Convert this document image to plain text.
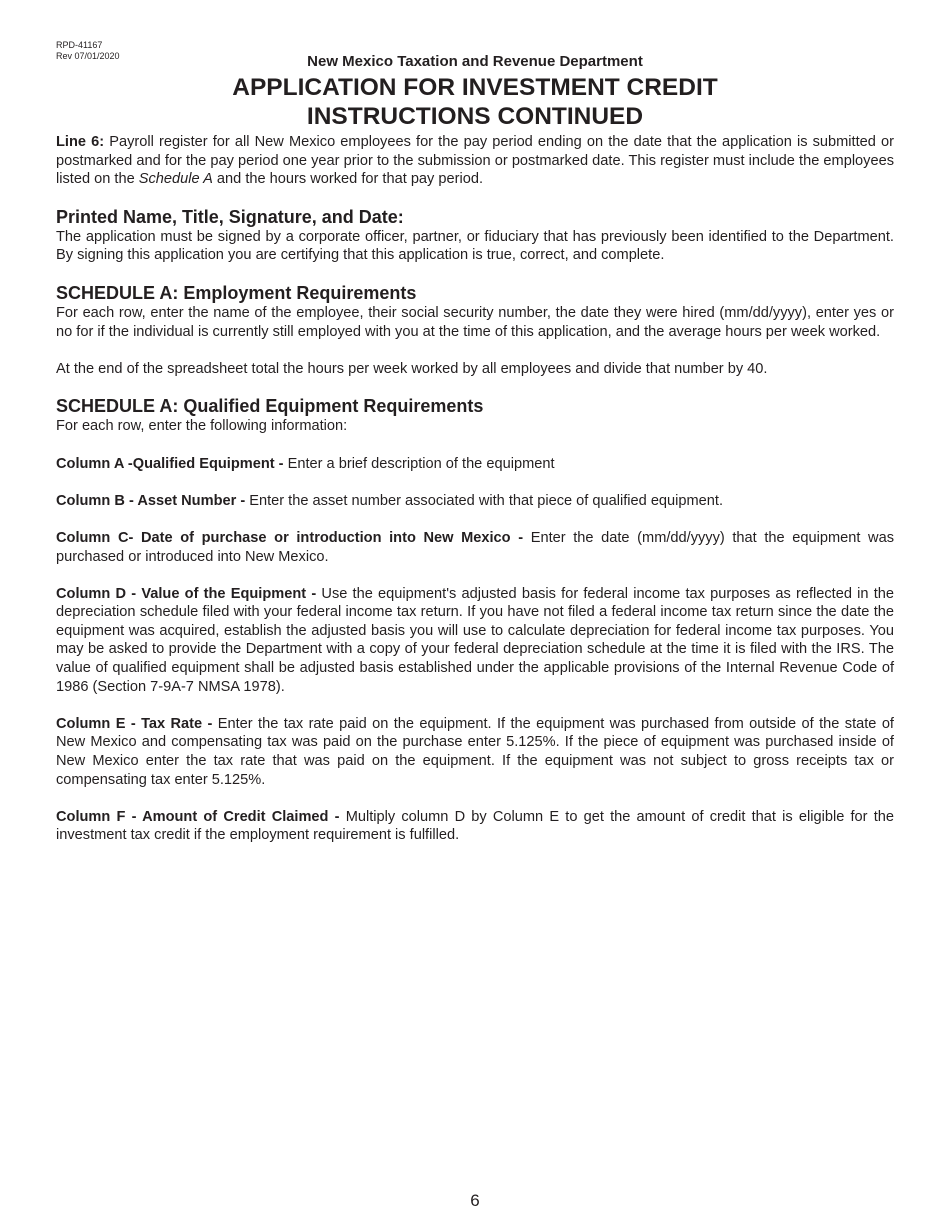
RPD-41167
Rev 07/01/2020	New Mexico Taxation and Revenue Department
APPLICATION FOR INVESTMENT CREDIT
INSTRUCTIONS CONTINUED

Line 6: Payroll register for all New Mexico employees for the pay period ending on the date that the application is submitted or postmarked and for the pay period one year prior to the submission or postmarked date. This register must include the employees listed on the Schedule A and the hours worked for that pay period.

Printed Name, Title, Signature, and Date:

The application must be signed by a corporate officer, partner, or fiduciary that has previously been identified to the Department. By signing this application you are certifying that this application is true, correct, and complete.

SCHEDULE A: Employment Requirements

For each row, enter the name of the employee, their social security number, the date they were hired (mm/dd/yyyy), enter yes or no for if the individual is currently still employed with you at the time of this application, and the average hours per week worked.

At the end of the spreadsheet total the hours per week worked by all employees and divide that number by 40.

SCHEDULE A: Qualified Equipment Requirements

For each row, enter the following information:

Column A -Qualified Equipment - Enter a brief description of the equipment

Column B - Asset Number - Enter the asset number associated with that piece of qualified equipment.

Column C- Date of purchase or introduction into New Mexico - Enter the date (mm/dd/yyyy) that the equipment was purchased or introduced into New Mexico.

Column D - Value of the Equipment - Use the equipment's adjusted basis for federal income tax purposes as reflected in the depreciation schedule filed with your federal income tax return. If you have not filed a federal income tax return since the date the equipment was acquired, establish the adjusted basis you will use to calculate depreciation for federal income tax purposes. You may be asked to provide the Department with a copy of your federal depreciation schedule at the time it is filed with the IRS. The value of qualified equipment shall be adjusted basis established under the applicable provisions of the Internal Revenue Code of 1986 (Section 7-9A-7 NMSA 1978).

Column E - Tax Rate - Enter the tax rate paid on the equipment. If the equipment was purchased from outside of the state of New Mexico and compensating tax was paid on the purchase enter 5.125%. If the piece of equipment was purchased inside of New Mexico enter the tax rate that was paid on the equipment. If the equipment was not subject to gross receipts tax or compensating tax enter 5.125%.

Column F - Amount of Credit Claimed - Multiply column D by Column E to get the amount of credit that is eligible for the investment tax credit if the employment requirement is fulfilled.

6
